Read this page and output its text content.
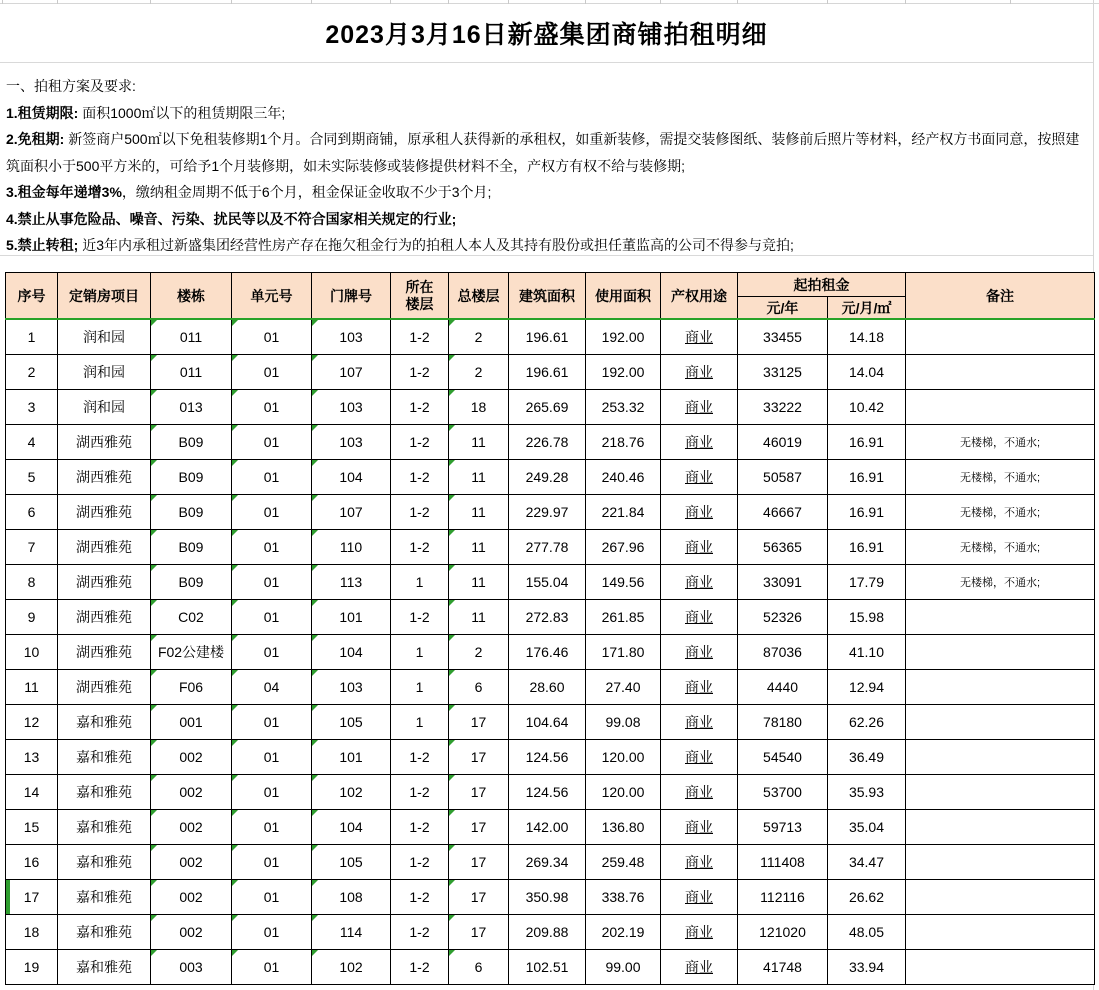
2023月3月16日新盛集团商铺拍租明细
一、拍租方案及要求:
1.租赁期限: 面积1000㎡以下的租赁期限三年;
2.免租期: 新签商户500㎡以下免租装修期1个月。合同到期商铺，原承租人获得新的承租权，如重新装修，需提交装修图纸、装修前后照片等材料，经产权方书面同意，按照建筑面积小于500平方米的，可给予1个月装修期，如未实际装修或装修提供材料不全，产权方有权不给与装修期;
3.租金每年递增3%，缴纳租金周期不低于6个月，租金保证金收取不少于3个月;
4.禁止从事危险品、噪音、污染、扰民等以及不符合国家相关规定的行业;
5.禁止转租; 近3年内承租过新盛集团经营性房产存在拖欠租金行为的拍租人本人及其持有股份或担任董监高的公司不得参与竞拍;
序号	定销房项目	楼栋	单元号	门牌号	所在
楼层	总楼层	建筑面积	使用面积	产权用途	起拍租金		备注
										元/年	元/月/㎡	
1	润和园	011	01	103	1-2	2	196.61	192.00	商业	33455	14.18	
2	润和园	011	01	107	1-2	2	196.61	192.00	商业	33125	14.04	
3	润和园	013	01	103	1-2	18	265.69	253.32	商业	33222	10.42	
4	湖西雅苑	B09	01	103	1-2	11	226.78	218.76	商业	46019	16.91	无楼梯，不通水;
5	湖西雅苑	B09	01	104	1-2	11	249.28	240.46	商业	50587	16.91	无楼梯，不通水;
6	湖西雅苑	B09	01	107	1-2	11	229.97	221.84	商业	46667	16.91	无楼梯，不通水;
7	湖西雅苑	B09	01	110	1-2	11	277.78	267.96	商业	56365	16.91	无楼梯，不通水;
8	湖西雅苑	B09	01	113	1	11	155.04	149.56	商业	33091	17.79	无楼梯，不通水;
9	湖西雅苑	C02	01	101	1-2	11	272.83	261.85	商业	52326	15.98	
10	湖西雅苑	F02公建楼	01	104	1	2	176.46	171.80	商业	87036	41.10	
11	湖西雅苑	F06	04	103	1	6	28.60	27.40	商业	4440	12.94	
12	嘉和雅苑	001	01	105	1	17	104.64	99.08	商业	78180	62.26	
13	嘉和雅苑	002	01	101	1-2	17	124.56	120.00	商业	54540	36.49	
14	嘉和雅苑	002	01	102	1-2	17	124.56	120.00	商业	53700	35.93	
15	嘉和雅苑	002	01	104	1-2	17	142.00	136.80	商业	59713	35.04	
16	嘉和雅苑	002	01	105	1-2	17	269.34	259.48	商业	111408	34.47	
17	嘉和雅苑	002	01	108	1-2	17	350.98	338.76	商业	112116	26.62	
18	嘉和雅苑	002	01	114	1-2	17	209.88	202.19	商业	121020	48.05	
19	嘉和雅苑	003	01	102	1-2	6	102.51	99.00	商业	41748	33.94	
